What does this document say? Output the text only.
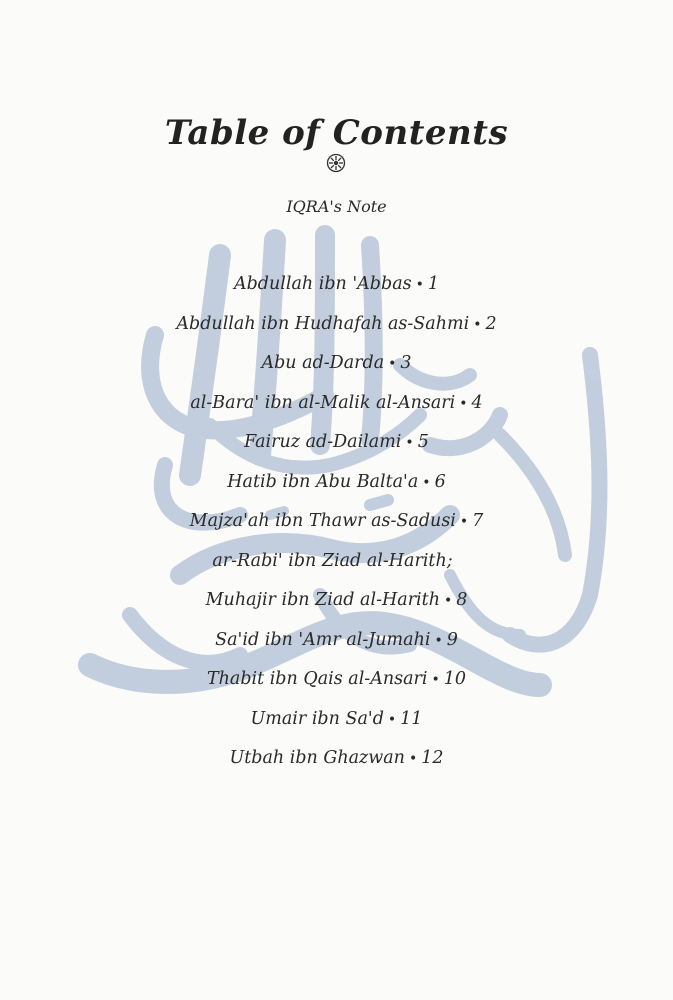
Table of Contents
IQRA's Note
Abdullah ibn 'Abbas • 1
Abdullah ibn Hudhafah as-Sahmi • 2
Abu ad-Darda • 3
al-Bara' ibn al-Malik al-Ansari • 4
Fairuz ad-Dailami • 5
Hatib ibn Abu Balta'a • 6
Majza'ah ibn Thawr as-Sadusi • 7
ar-Rabi' ibn Ziad al-Harith;
Muhajir ibn Ziad al-Harith • 8
Sa'id ibn 'Amr al-Jumahi • 9
Thabit ibn Qais al-Ansari • 10
Umair ibn Sa'd • 11
Utbah ibn Ghazwan • 12
